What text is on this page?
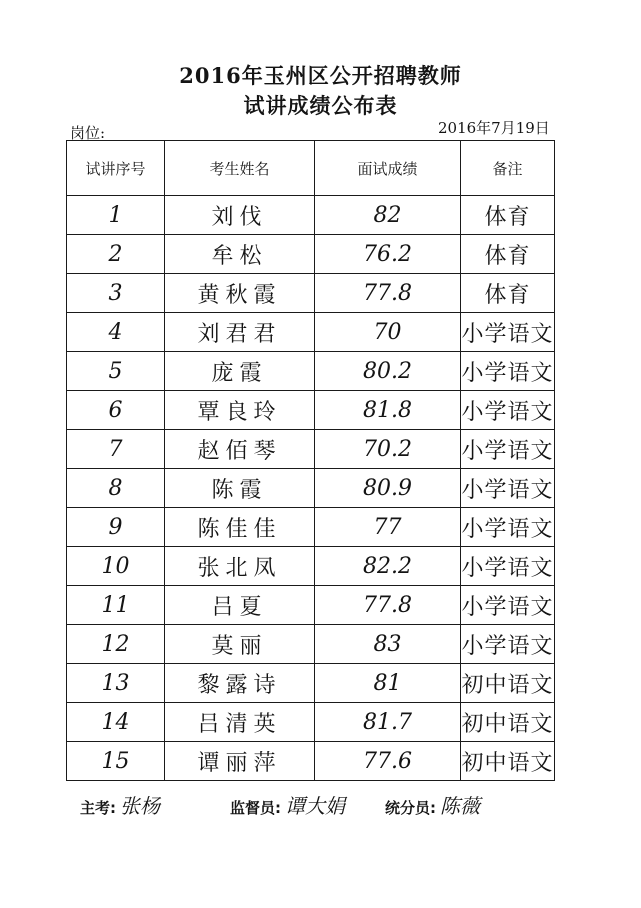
2016年玉州区公开招聘教师
试讲成绩公布表
岗位:	2016年7月19日
试讲序号	考生姓名	面试成绩	备注
1	刘伐	82	体育
2	牟松	76.2	体育
3	黄秋霞	77.8	体育
4	刘君君	70	小学语文
5	庞霞	80.2	小学语文
6	覃良玲	81.8	小学语文
7	赵佰琴	70.2	小学语文
8	陈霞	80.9	小学语文
9	陈佳佳	77	小学语文
10	张北凤	82.2	小学语文
11	吕夏	77.8	小学语文
12	莫丽	83	小学语文
13	黎露诗	81	初中语文
14	吕清英	81.7	初中语文
15	谭丽萍	77.6	初中语文
主考: 张杨	监督员: 谭大娟	统分员: 陈薇
